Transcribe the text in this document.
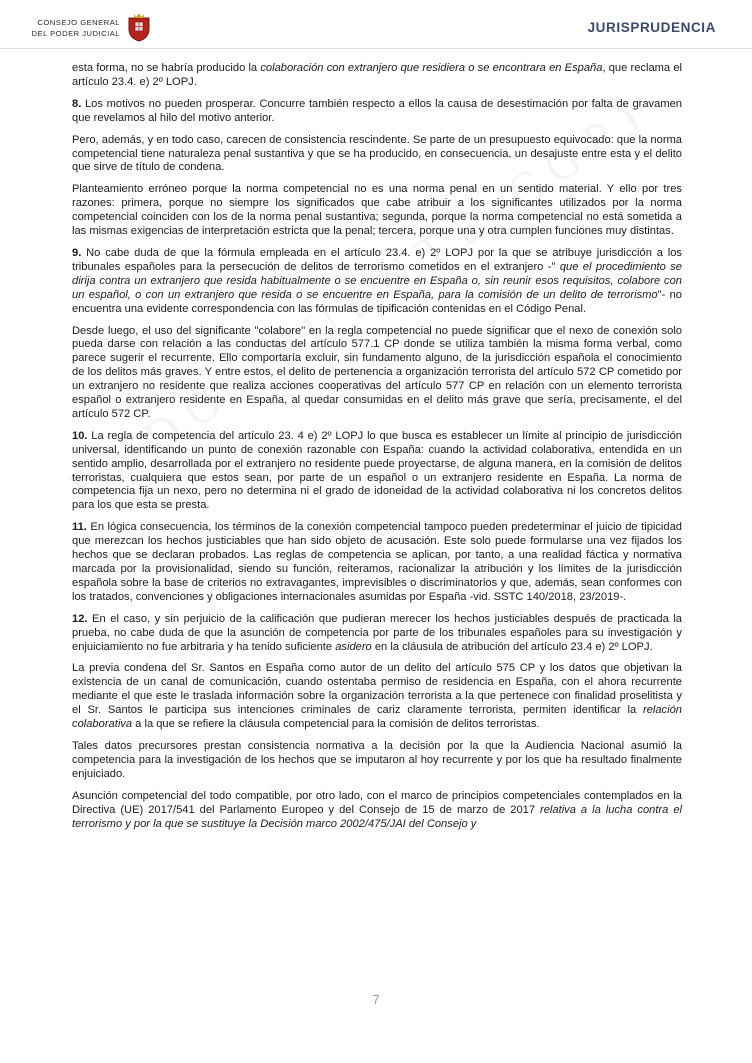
CONSEJO GENERAL
DEL PODER JUDICIAL	JURISPRUDENCIA

esta forma, no se habría producido la colaboración con extranjero que residiera o se encontrara en España, que reclama el artículo 23.4. e) 2º LOPJ.

8. Los motivos no pueden prosperar. Concurre también respecto a ellos la causa de desestimación por falta de gravamen que revelamos al hilo del motivo anterior.

Pero, además, y en todo caso, carecen de consistencia rescindente. Se parte de un presupuesto equivocado: que la norma competencial tiene naturaleza penal sustantiva y que se ha producido, en consecuencia, un desajuste entre esta y el delito que sirve de título de condena.

Planteamiento erróneo porque la norma competencial no es una norma penal en un sentido material. Y ello por tres razones: primera, porque no siempre los significados que cabe atribuir a los significantes utilizados por la norma competencial coinciden con los de la norma penal sustantiva; segunda, porque la norma competencial no está sometida a las mismas exigencias de interpretación estricta que la penal; tercera, porque una y otra cumplen funciones muy distintas.

9. No cabe duda de que la fórmula empleada en el artículo 23.4. e) 2º LOPJ por la que se atribuye jurisdicción a los tribunales españoles para la persecución de delitos de terrorismo cometidos en el extranjero -" que el procedimiento se dirija contra un extranjero que resida habitualmente o se encuentre en España o, sin reunir esos requisitos, colabore con un español, o con un extranjero que resida o se encuentre en España, para la comisión de un delito de terrorismo"- no encuentra una evidente correspondencia con las fórmulas de tipificación contenidas en el Código Penal.

Desde luego, el uso del significante "colabore" en la regla competencial no puede significar que el nexo de conexión solo pueda darse con relación a las conductas del artículo 577.1 CP donde se utiliza también la misma forma verbal, como parece sugerir el recurrente. Ello comportaría excluir, sin fundamento alguno, de la jurisdicción española el conocimiento de los delitos más graves. Y entre estos, el delito de pertenencia a organización terrorista del artículo 572 CP cometido por un extranjero no residente que realiza acciones cooperativas del artículo 577 CP en relación con un elemento terrorista español o extranjero residente en España, al quedar consumidas en el delito más grave que sería, precisamente, el del artículo 572 CP.

10. La regla de competencia del artículo 23. 4 e) 2º LOPJ lo que busca es establecer un límite al principio de jurisdicción universal, identificando un punto de conexión razonable con España: cuando la actividad colaborativa, entendida en un sentido amplio, desarrollada por el extranjero no residente puede proyectarse, de alguna manera, en la comisión de delitos terroristas, cualquiera que estos sean, por parte de un español o un extranjero residente en España. La norma de competencia fija un nexo, pero no determina ni el grado de idoneidad de la actividad colaborativa ni los concretos delitos para los que esta se presta.

11. En lógica consecuencia, los términos de la conexión competencial tampoco pueden predeterminar el juicio de tipicidad que merezcan los hechos justiciables que han sido objeto de acusación. Este solo puede formularse una vez fijados los hechos que se declaran probados. Las reglas de competencia se aplican, por tanto, a una realidad fáctica y normativa marcada por la provisionalidad, siendo su función, reiteramos, racionalizar la atribución y los límites de la jurisdicción española sobre la base de criterios no extravagantes, imprevisibles o discriminatorios y que, además, sean conformes con los tratados, convenciones y obligaciones internacionales asumidas por España -vid. SSTC 140/2018, 23/2019-.

12. En el caso, y sin perjuicio de la calificación que pudieran merecer los hechos justiciables después de practicada la prueba, no cabe duda de que la asunción de competencia por parte de los tribunales españoles para su investigación y enjuiciamiento no fue arbitraria y ha tenido suficiente asidero en la cláusula de atribución del artículo 23.4 e) 2º LOPJ.

La previa condena del Sr. Santos en España como autor de un delito del artículo 575 CP y los datos que objetivan la existencia de un canal de comunicación, cuando ostentaba permiso de residencia en España, con el ahora recurrente mediante el que este le traslada información sobre la organización terrorista a la que pertenece con finalidad proselitista y el Sr. Santos le participa sus intenciones criminales de cariz claramente terrorista, permiten identificar la relación colaborativa a la que se refiere la cláusula competencial para la comisión de delitos terroristas.

Tales datos precursores prestan consistencia normativa a la decisión por la que la Audiencia Nacional asumió la competencia para la investigación de los hechos que se imputaron al hoy recurrente y por los que ha resultado finalmente enjuiciado.

Asunción competencial del todo compatible, por otro lado, con el marco de principios competenciales contemplados en la Directiva (UE) 2017/541 del Parlamento Europeo y del Consejo de 15 de marzo de 2017 relativa a la lucha contra el terrorismo y por la que se sustituye la Decisión marco 2002/475/JAI del Consejo y

7
